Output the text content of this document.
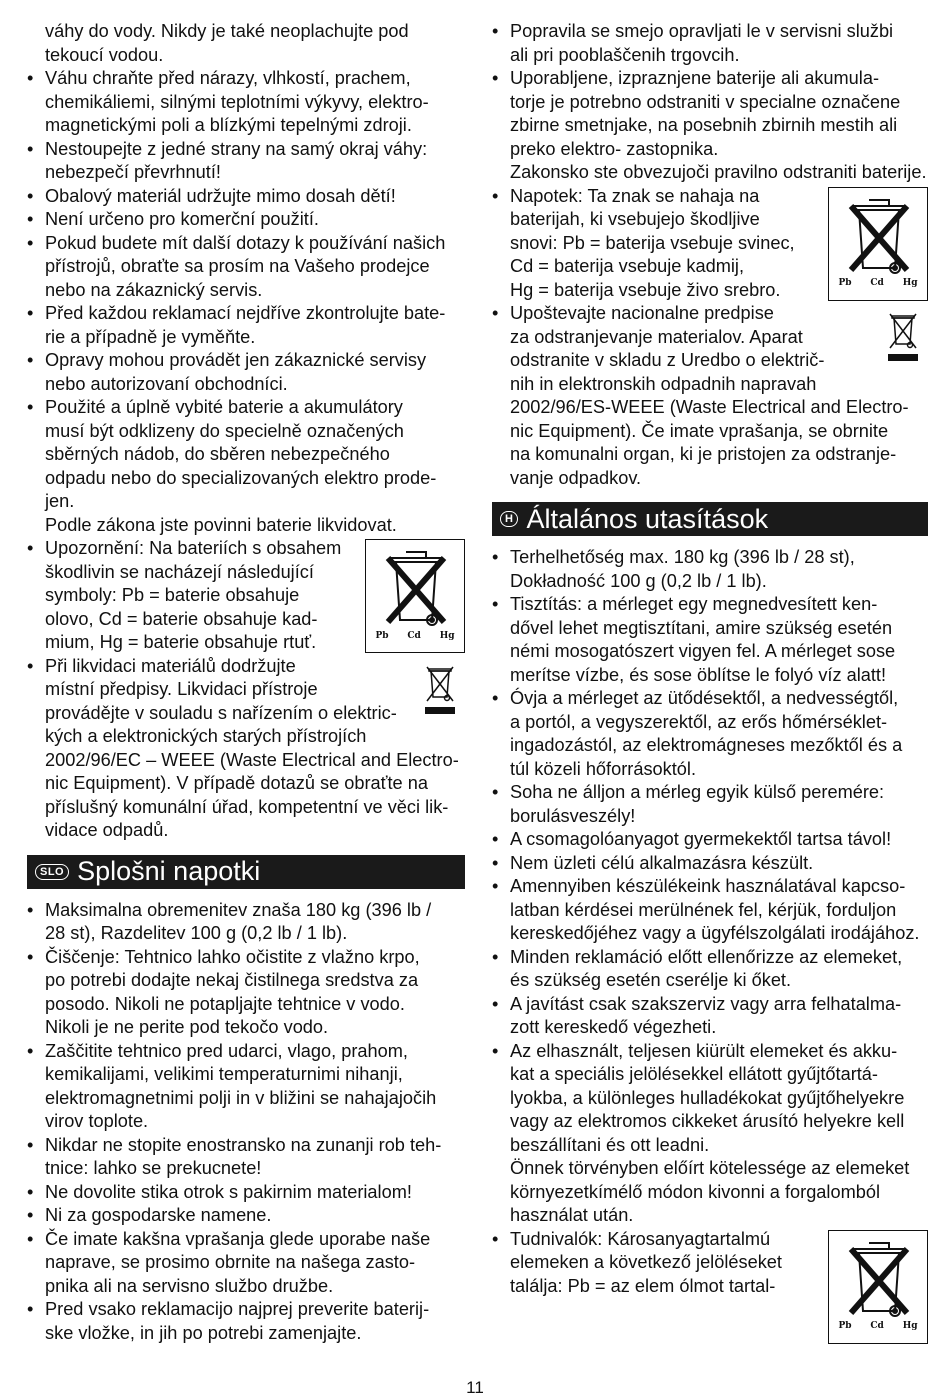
váhy do vody. Nikdy je také neoplachujte pod
tekoucí vodou.
• Váhu chraňte před nárazy, vlhkostí, prachem,
chemikáliemi, silnými teplotními výkyvy, elektro-
magnetickými poli a blízkými tepelnými zdroji.
• Nestoupejte z jedné strany na samý okraj váhy:
nebezpečí převrhnutí!
• Obalový materiál udržujte mimo dosah dětí!
• Není určeno pro komerční použití.
• Pokud budete mít další dotazy k používání našich
přístrojů, obraťte sa prosím na Vašeho prodejce
nebo na zákaznický servis.
• Před každou reklamací nejdříve zkontrolujte bate-
rie a případně je vyměňte.
• Opravy mohou provádět jen zákaznické servisy
nebo autorizovaní obchodníci.
• Použité a úplně vybité baterie a akumulátory
musí být odklizeny do specielně označených
sběrných nádob, do sběren nebezpečného
odpadu nebo do specializovaných elektro prode-
jen.
Podle zákona jste povinni baterie likvidovat.
•
Pb Cd Hg
Upozornění: Na bateriích s obsahem
škodlivin se nacházejí následující
symboly: Pb = baterie obsahuje
olovo, Cd = baterie obsahuje kad-
mium, Hg = baterie obsahuje rtuť.
• Při likvidaci materiálů dodržujte
místní předpisy. Likvidaci přístroje
provádějte v souladu s nařízením o elektric-
kých a elektronických starých přístrojích
2002/96/EC – WEEE (Waste Electrical and Electro-
nic Equipment). V případě dotazů se obraťte na
příslušný komunální úřad, kompetentní ve věci lik-
vidace odpadů.
SLO Splošni napotki
• Maksimalna obremenitev znaša 180 kg (396 lb /
28 st), Razdelitev 100 g (0,2 lb / 1 lb).
• Čiščenje: Tehtnico lahko očistite z vlažno krpo,
po potrebi dodajte nekaj čistilnega sredstva za
posodo. Nikoli ne potapljajte tehtnice v vodo.
Nikoli je ne perite pod tekočo vodo.
• Zaščitite tehtnico pred udarci, vlago, prahom,
kemikalijami, velikimi temperaturnimi nihanji,
elektromagnetnimi polji in v bližini se nahajajočih
virov toplote.
• Nikdar ne stopite enostransko na zunanji rob teh-
tnice: lahko se prekucnete!
• Ne dovolite stika otrok s pakirnim materialom!
• Ni za gospodarske namene.
• Če imate kakšna vprašanja glede uporabe naše
naprave, se prosimo obrnite na našega zasto-
pnika ali na servisno službo družbe.
• Pred vsako reklamacijo najprej preverite baterij-
ske vložke, in jih po potrebi zamenjajte.
• Popravila se smejo opravljati le v servisni službi
ali pri pooblaščenih trgovcih.
• Uporabljene, izpraznjene baterije ali akumula-
torje je potrebno odstraniti v specialne označene
zbirne smetnjake, na posebnih zbirnih mestih ali
preko elektro- zastopnika.
Zakonsko ste obvezujoči pravilno odstraniti baterije.
•
Pb Cd Hg
Napotek: Ta znak se nahaja na
baterijah, ki vsebujejo škodljive
snovi: Pb = baterija vsebuje svinec,
Cd = baterija vsebuje kadmij,
Hg = baterija vsebuje živo srebro.
• Upoštevajte nacionalne predpise
za odstranjevanje materialov. Aparat
odstranite v skladu z Uredbo o električ-
nih in elektronskih odpadnih napravah
2002/96/ES-WEEE (Waste Electrical and Electro-
nic Equipment). Če imate vprašanja, se obrnite
na komunalni organ, ki je pristojen za odstranje-
vanje odpadkov.
H Általános utasítások
• Terhelhetőség max. 180 kg (396 lb / 28 st),
Dokładność 100 g (0,2 lb / 1 lb).
• Tisztítás: a mérleget egy megnedvesített ken-
dővel lehet megtisztítani, amire szükség esetén
némi mosogatószert vigyen fel. A mérleget sose
merítse vízbe, és sose öblítse le folyó víz alatt!
• Óvja a mérleget az ütődésektől, a nedvességtől,
a portól, a vegyszerektől, az erős hőmérséklet-
ingadozástól, az elektromágneses mezőktől és a
túl közeli hőforrásoktól.
• Soha ne álljon a mérleg egyik külső peremére:
borulásveszély!
• A csomagolóanyagot gyermekektől tartsa távol!
• Nem üzleti célú alkalmazásra készült.
• Amennyiben készülékeink használatával kapcso-
latban kérdései merülnének fel, kérjük, forduljon
kereskedőjéhez vagy a ügyfélszolgálati irodájához.
• Minden reklamáció előtt ellenőrizze az elemeket,
és szükség esetén cserélje ki őket.
• A javítást csak szakszerviz vagy arra felhatalma-
zott kereskedő végezheti.
• Az elhasznált, teljesen kiürült elemeket és akku-
kat a speciális jelölésekkel ellátott gyűjtőtartá-
lyokba, a különleges hulladékokat gyűjtőhelyekre
vagy az elektromos cikkeket árusító helyekre kell
beszállítani és ott leadni.
Önnek törvényben előírt kötelessége az elemeket
környezetkímélő módon kivonni a forgalomból
használat után.
•
Pb Cd Hg
Tudnivalók: Károsanyagtartalmú
elemeken a következő jelöléseket
találja: Pb = az elem ólmot tartal-
11
